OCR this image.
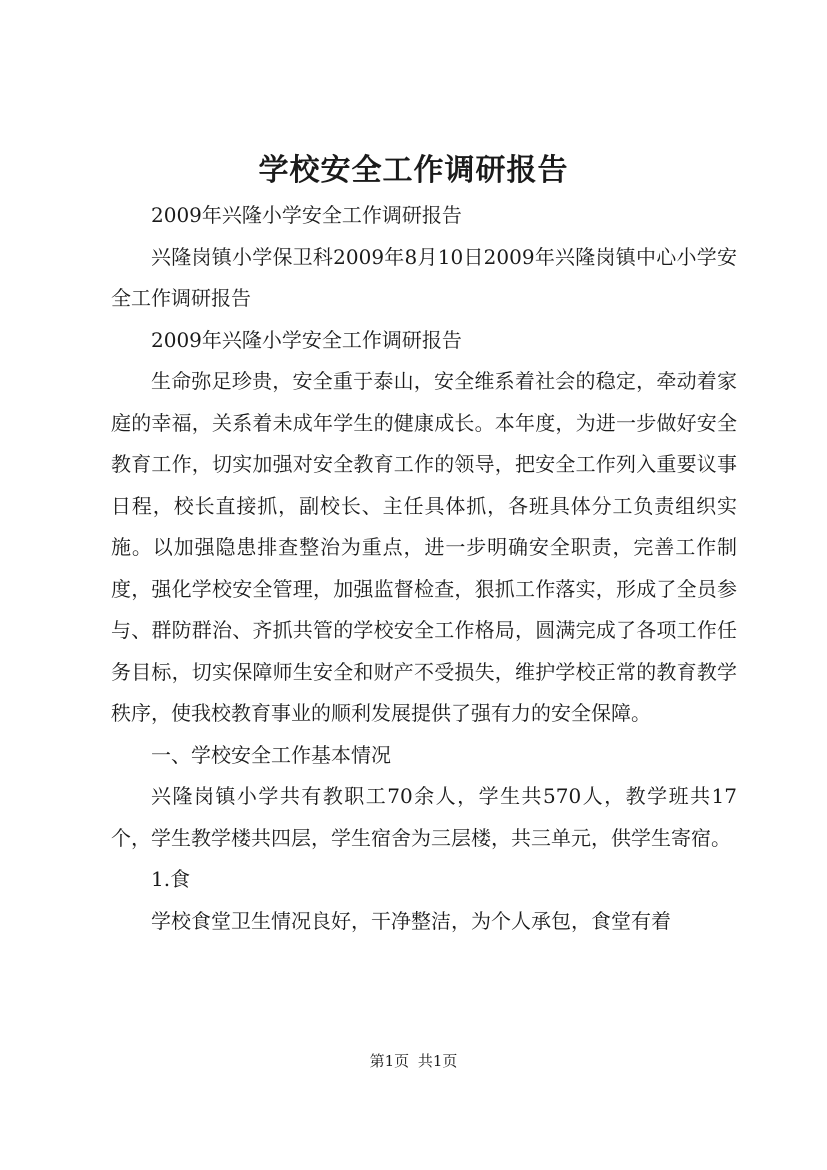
学校安全工作调研报告

2009年兴隆小学安全工作调研报告

兴隆岗镇小学保卫科2009年8月10日2009年兴隆岗镇中心小学安全工作调研报告

2009年兴隆小学安全工作调研报告

生命弥足珍贵，安全重于泰山，安全维系着社会的稳定，牵动着家庭的幸福，关系着未成年学生的健康成长。本年度，为进一步做好安全教育工作，切实加强对安全教育工作的领导，把安全工作列入重要议事日程，校长直接抓，副校长、主任具体抓，各班具体分工负责组织实施。以加强隐患排查整治为重点，进一步明确安全职责，完善工作制度，强化学校安全管理，加强监督检查，狠抓工作落实，形成了全员参与、群防群治、齐抓共管的学校安全工作格局，圆满完成了各项工作任务目标，切实保障师生安全和财产不受损失，维护学校正常的教育教学秩序，使我校教育事业的顺利发展提供了强有力的安全保障。

一、学校安全工作基本情况

兴隆岗镇小学共有教职工70余人，学生共570人，教学班共17个，学生教学楼共四层，学生宿舍为三层楼，共三单元，供学生寄宿。

1.食

学校食堂卫生情况良好，干净整洁，为个人承包，食堂有着

第1页 共1页
